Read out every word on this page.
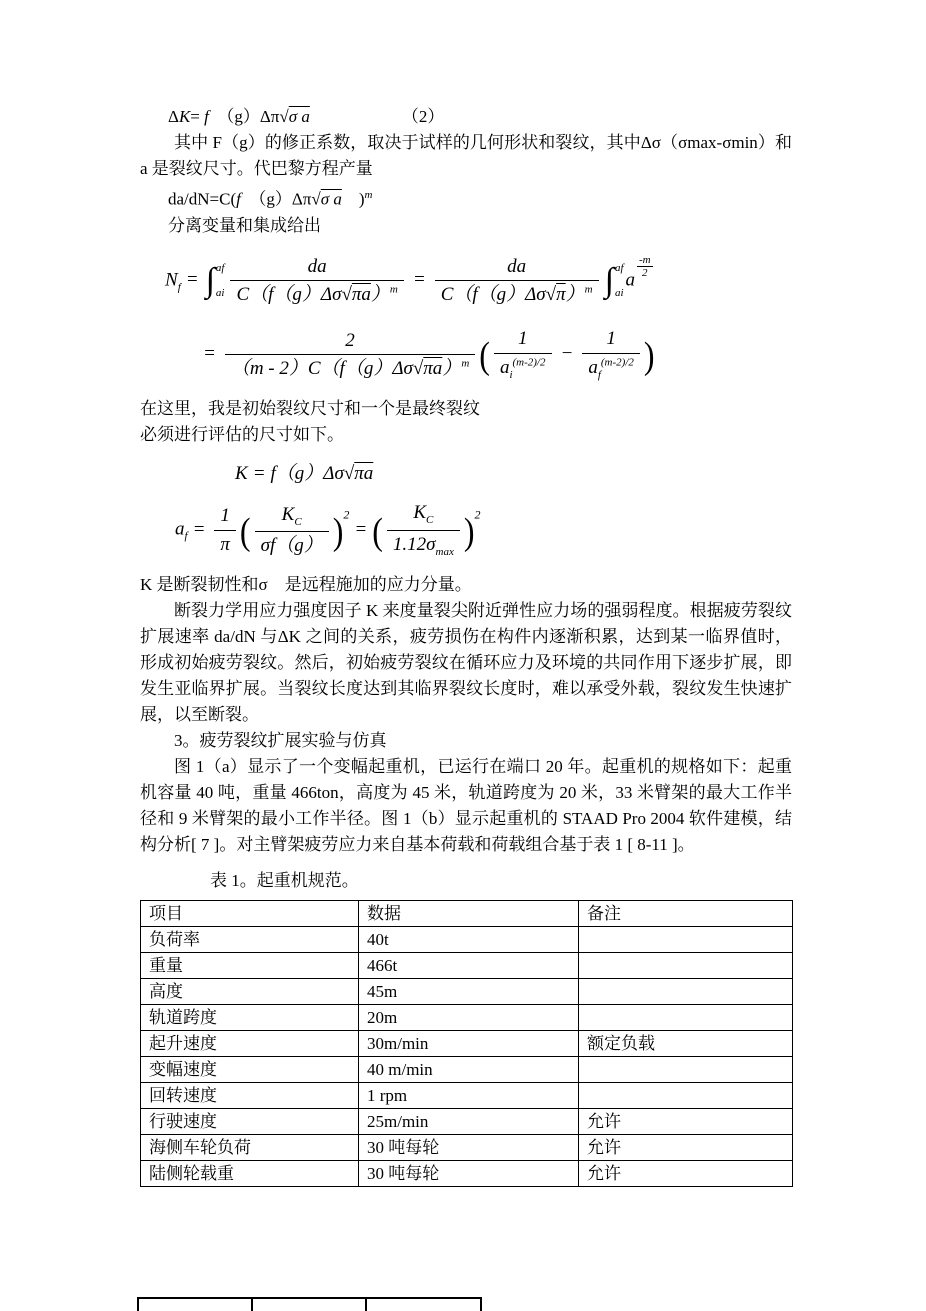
ΔK= f　（g）Δπ√σ a	（2）

其中 F（g）的修正系数，取决于试样的几何形状和裂纹，其中Δσ（σmax-σmin）和 a 是裂纹尺寸。代巴黎方程产量

da/dN=C(f　（g）Δπ√σ a　)$^m$

分离变量和集成给出

$N_f$ = ∫ af
ai $\frac{da}{C(f(g)\Delta\sigma√\pi a)^m} = \frac{da}{C(f(g)\Delta\sigma√\pi)^m}$ ∫ af
ai
a $\frac{-m}{2}$
= $\frac{2}{(m - 2)C(f(g)\Delta\sigma√\pi a)^m}$ ( $\frac{1}{a_i^{(m-2)/2}} - \frac{1}{a_f^{(m-2)/2}}$ )

在这里，我是初始裂纹尺寸和一个是最终裂纹

必须进行评估的尺寸如下。

K = f（g）Δσ√πa
$a_f = \frac{1}{\pi}$ ( $\frac{K_C}{\sigma f(g)} )^2=$ ( $\frac{K_C}{1.12\sigma_{max}} )^2$

K 是断裂韧性和σ　是远程施加的应力分量。

断裂力学用应力强度因子 K 来度量裂尖附近弹性应力场的强弱程度。根据疲劳裂纹扩展速率 da/dN 与ΔK 之间的关系，疲劳损伤在构件内逐渐积累，达到某一临界值时，形成初始疲劳裂纹。然后，初始疲劳裂纹在循环应力及环境的共同作用下逐步扩展，即发生亚临界扩展。当裂纹长度达到其临界裂纹长度时，难以承受外载，裂纹发生快速扩展，以至断裂。

3。疲劳裂纹扩展实验与仿真

图 1（a）显示了一个变幅起重机，已运行在端口 20 年。起重机的规格如下：起重机容量 40 吨，重量 466ton，高度为 45 米，轨道跨度为 20 米，33 米臂架的最大工作半径和 9 米臂架的最小工作半径。图 1（b）显示起重机的 STAAD Pro 2004 软件建模，结构分析[ 7 ]。对主臂架疲劳应力来自基本荷载和荷载组合基于表 1 [ 8-11 ]。

表 1。起重机规范。

项目	数据	备注
负荷率	40t	
重量	466t	
高度	45m	
轨道跨度	20m	
起升速度	30m/min	额定负载
变幅速度	40 m/min	
回转速度	1 rpm	
行驶速度	25m/min	允许
海侧车轮负荷	30 吨每轮	允许
陆侧轮载重	30 吨每轮	允许
